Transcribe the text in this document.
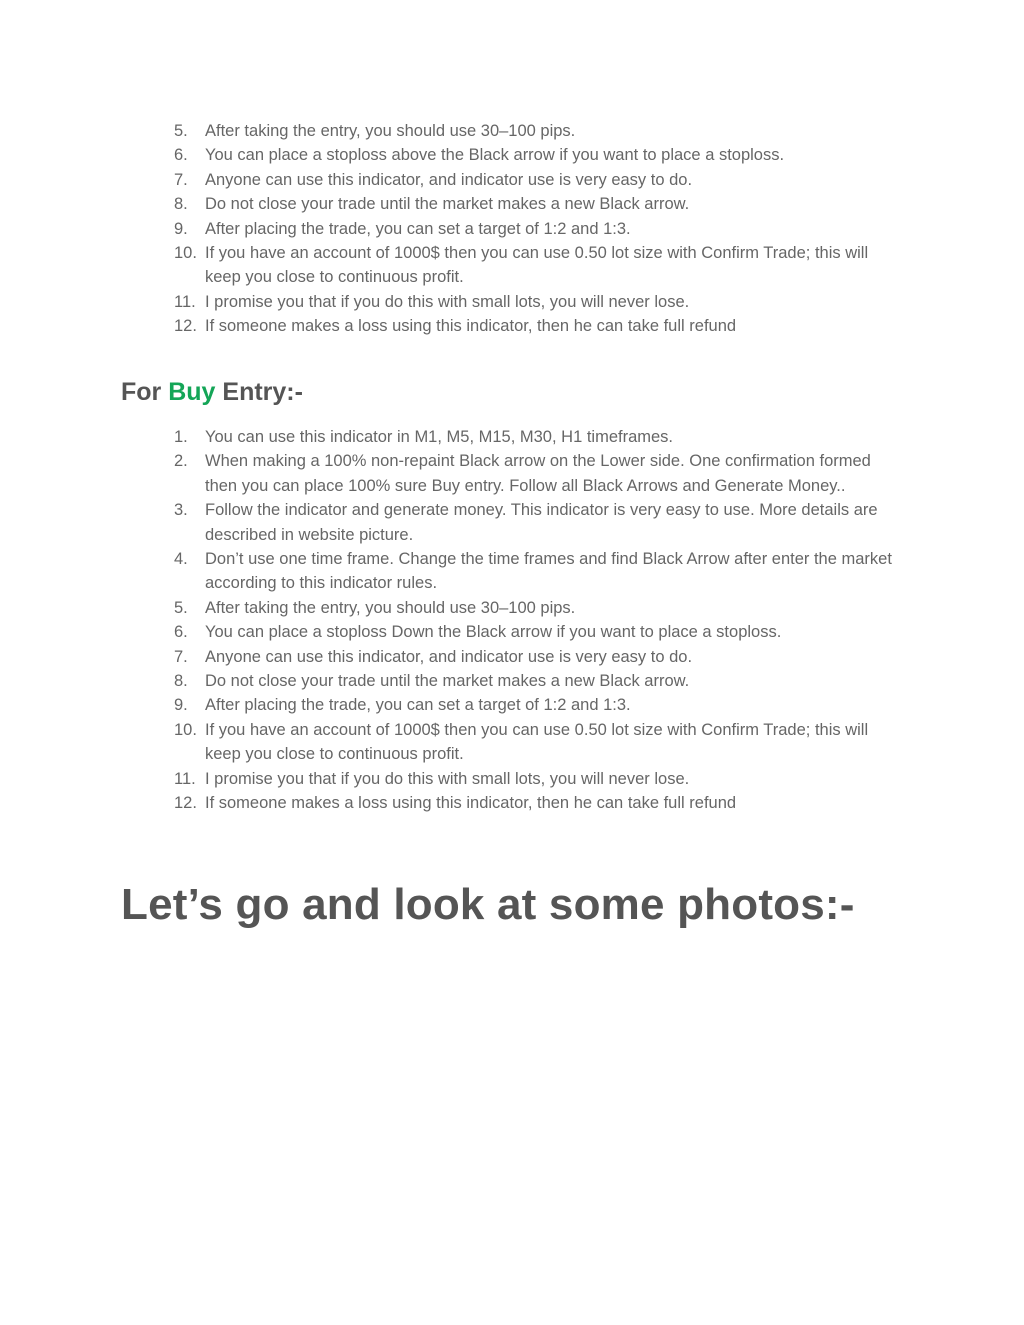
5. After taking the entry, you should use 30–100 pips.
6. You can place a stoploss above the Black arrow if you want to place a stoploss.
7. Anyone can use this indicator, and indicator use is very easy to do.
8. Do not close your trade until the market makes a new Black arrow.
9. After placing the trade, you can set a target of 1:2 and 1:3.
10. If you have an account of 1000$ then you can use 0.50 lot size with Confirm Trade; this will keep you close to continuous profit.
11. I promise you that if you do this with small lots, you will never lose.
12. If someone makes a loss using this indicator, then he can take full refund
For Buy Entry:-
1. You can use this indicator in M1, M5, M15, M30, H1 timeframes.
2. When making a 100% non-repaint Black arrow on the Lower side. One confirmation formed then you can place 100% sure Buy entry. Follow all Black Arrows and Generate Money..
3. Follow the indicator and generate money. This indicator is very easy to use. More details are described in website picture.
4. Don’t use one time frame. Change the time frames and find Black Arrow after enter the market according to this indicator rules.
5. After taking the entry, you should use 30–100 pips.
6. You can place a stoploss Down the Black arrow if you want to place a stoploss.
7. Anyone can use this indicator, and indicator use is very easy to do.
8. Do not close your trade until the market makes a new Black arrow.
9. After placing the trade, you can set a target of 1:2 and 1:3.
10. If you have an account of 1000$ then you can use 0.50 lot size with Confirm Trade; this will keep you close to continuous profit.
11. I promise you that if you do this with small lots, you will never lose.
12. If someone makes a loss using this indicator, then he can take full refund
Let’s go and look at some photos:-
